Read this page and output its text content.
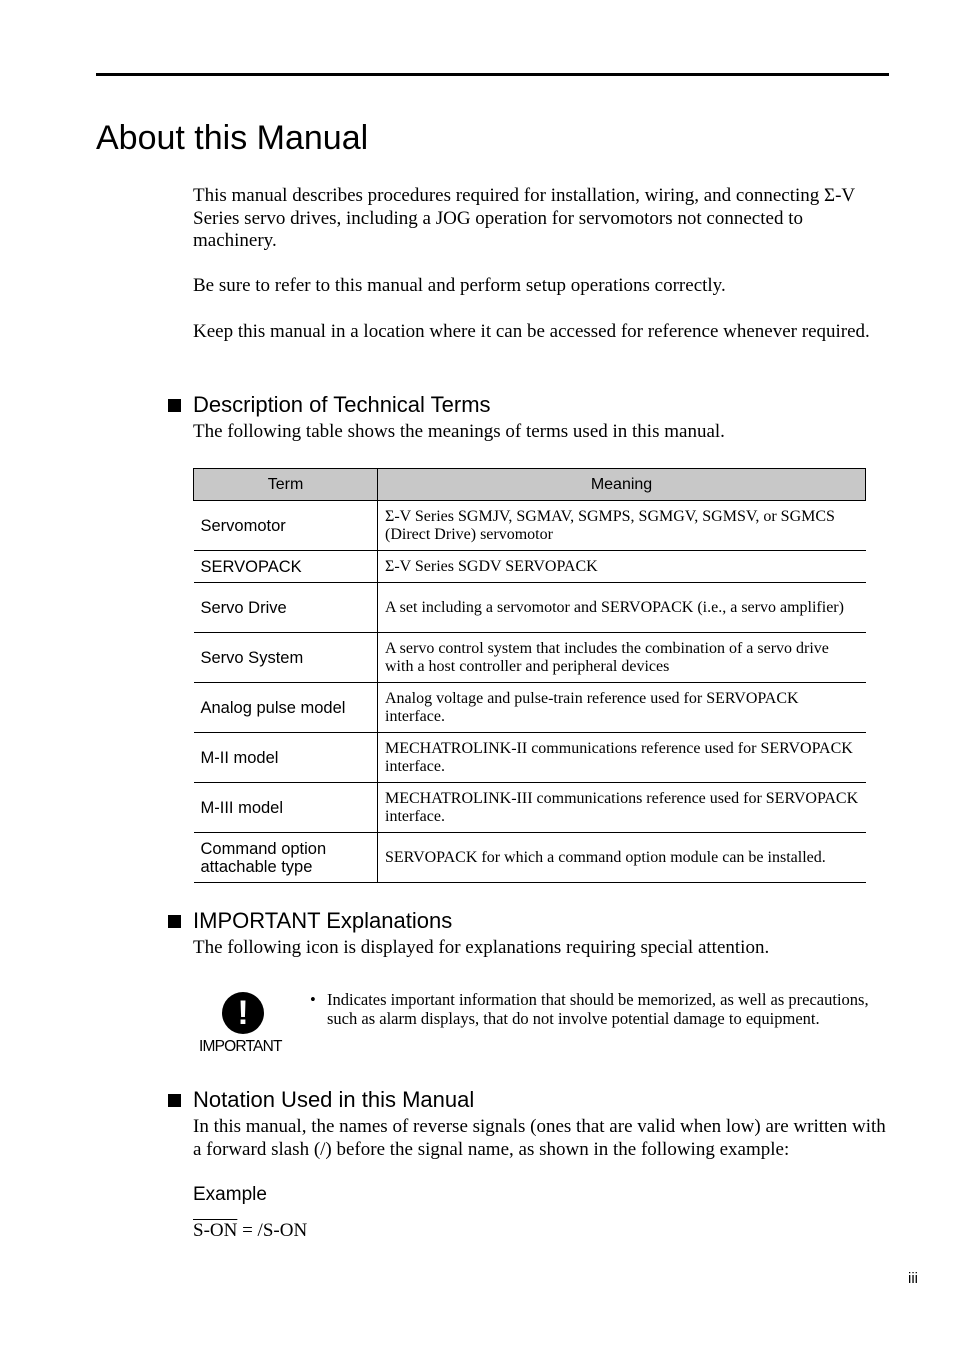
About this Manual

This manual describes procedures required for installation, wiring, and connecting Σ-V Series servo drives, including a JOG operation for servomotors not connected to machinery.

Be sure to refer to this manual and perform setup operations correctly.

Keep this manual in a location where it can be accessed for reference whenever required.

Description of Technical Terms

The following table shows the meanings of terms used in this manual.

Term	Meaning
Servomotor	Σ-V Series SGMJV, SGMAV, SGMPS, SGMGV, SGMSV, or SGMCS (Direct Drive) servomotor
SERVOPACK	Σ-V Series SGDV SERVOPACK
Servo Drive	A set including a servomotor and SERVOPACK (i.e., a servo amplifier)
Servo System	A servo control system that includes the combination of a servo drive with a host controller and peripheral devices
Analog pulse model	Analog voltage and pulse-train reference used for SERVOPACK interface.
M-II model	MECHATROLINK-II communications reference used for SERVOPACK interface.
M-III model	MECHATROLINK-III communications reference used for SERVOPACK interface.
Command option attachable type	SERVOPACK for which a command option module can be installed.
IMPORTANT Explanations

The following icon is displayed for explanations requiring special attention.

!
IMPORTANT
• Indicates important information that should be memorized, as well as precautions, such as alarm displays, that do not involve potential damage to equipment.
Notation Used in this Manual

In this manual, the names of reverse signals (ones that are valid when low) are written with a forward slash (/) before the signal name, as shown in the following example:

Example
S-ON = /S-ON
iii
